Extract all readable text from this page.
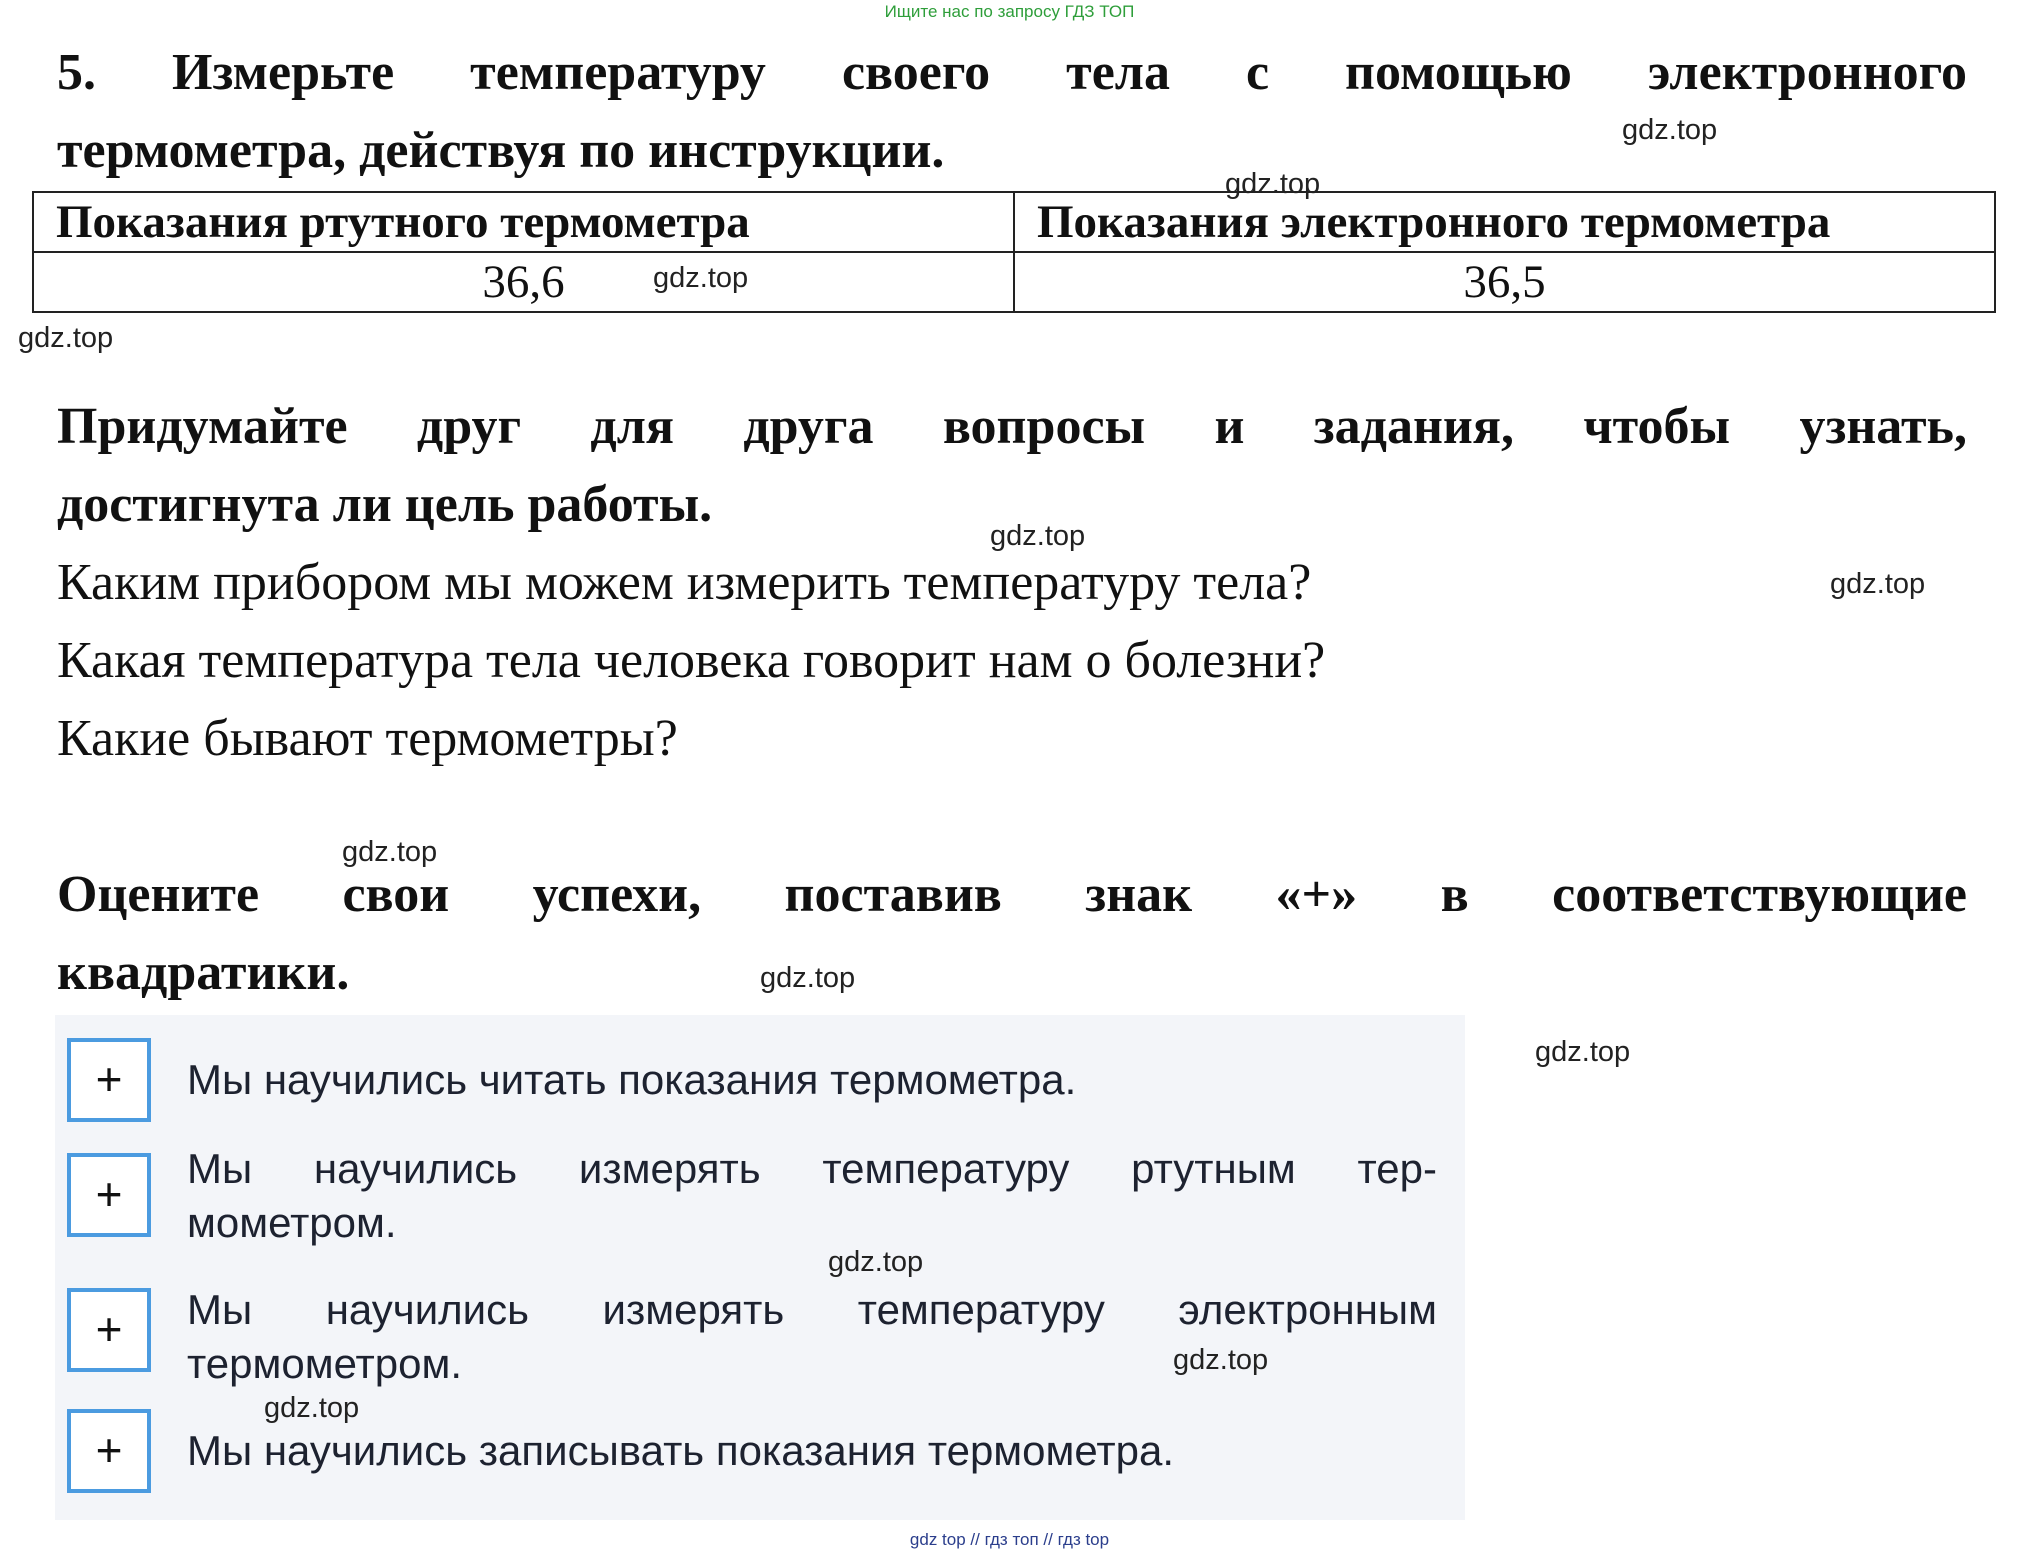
Ищите нас по запросу ГДЗ ТОП
5. Измерьте температуру своего тела с помощью электронного
термометра, действуя по инструкции.
Показания ртутного термометра	Показания электронного термометра
36,6	36,5
Придумайте друг для друга вопросы и задания, чтобы узнать,
достигнута ли цель работы.
Каким прибором мы можем измерить температуру тела?
Какая температура тела человека говорит нам о болезни?
Какие бывают термометры?
Оцените свои успехи, поставив знак «+» в соответствующие
квадратики.
+	Мы научились читать показания термометра.
+	Мы научились измерять температуру ртутным тер-
мометром.
+	Мы научились измерять температуру электронным
термометром.
+	Мы научились записывать показания термометра.
gdz.top
gdz.top
gdz.top
gdz.top
gdz.top
gdz.top
gdz.top
gdz.top
gdz.top
gdz.top
gdz.top
gdz.top
gdz top // гдз топ // гдз top
